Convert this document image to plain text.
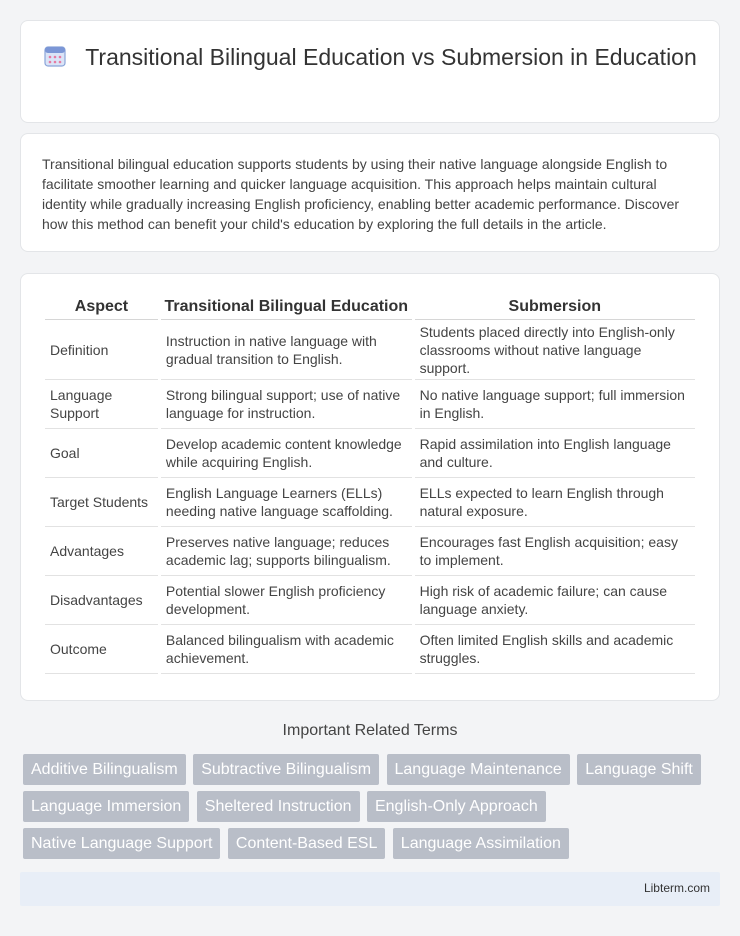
Transitional Bilingual Education vs Submersion in Education

Transitional bilingual education supports students by using their native language alongside English to facilitate smoother learning and quicker language acquisition. This approach helps maintain cultural identity while gradually increasing English proficiency, enabling better academic performance. Discover how this method can benefit your child's education by exploring the full details in the article.

Aspect	Transitional Bilingual Education	Submersion
Definition	Instruction in native language with gradual transition to English.	Students placed directly into English-only classrooms without native language support.
Language Support	Strong bilingual support; use of native language for instruction.	No native language support; full immersion in English.
Goal	Develop academic content knowledge while acquiring English.	Rapid assimilation into English language and culture.
Target Students	English Language Learners (ELLs) needing native language scaffolding.	ELLs expected to learn English through natural exposure.
Advantages	Preserves native language; reduces academic lag; supports bilingualism.	Encourages fast English acquisition; easy to implement.
Disadvantages	Potential slower English proficiency development.	High risk of academic failure; can cause language anxiety.
Outcome	Balanced bilingualism with academic achievement.	Often limited English skills and academic struggles.
Important Related Terms
Additive Bilingualism Subtractive Bilingualism Language Maintenance Language Shift
Language Immersion Sheltered Instruction English-Only Approach
Native Language Support Content-Based ESL Language Assimilation
Libterm.com
